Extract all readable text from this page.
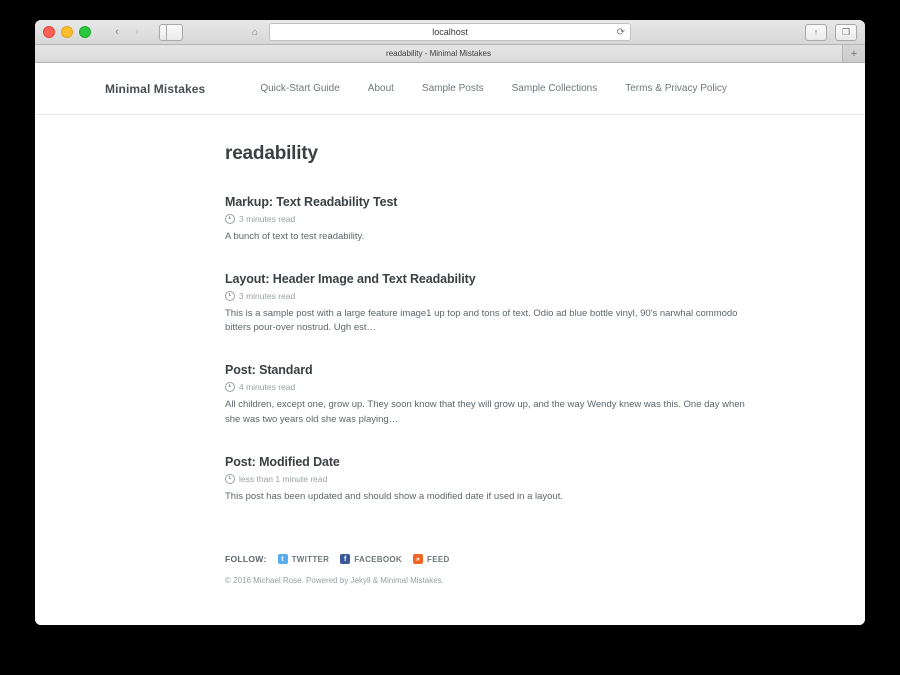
‹	›	⌂	localhost	⟳	↑	❐
readability - Minimal Mistakes	+
Minimal Mistakes	Quick-Start Guide	About	Sample Posts	Sample Collections	Terms & Privacy Policy
readability
Markup: Text Readability Test
3 minutes read

A bunch of text to test readability.

Layout: Header Image and Text Readability
3 minutes read

This is a sample post with a large feature image1 up top and tons of text. Odio ad blue bottle vinyl, 90's narwhal commodo bitters pour-over nostrud. Ugh est…

Post: Standard
4 minutes read

All children, except one, grow up. They soon know that they will grow up, and the way Wendy knew was this. One day when she was two years old she was playing…

Post: Modified Date
less than 1 minute read

This post has been updated and should show a modified date if used in a layout.

FOLLOW:	t TWITTER	f FACEBOOK	» FEED
© 2016 Michael Rose. Powered by Jekyll & Minimal Mistakes.
